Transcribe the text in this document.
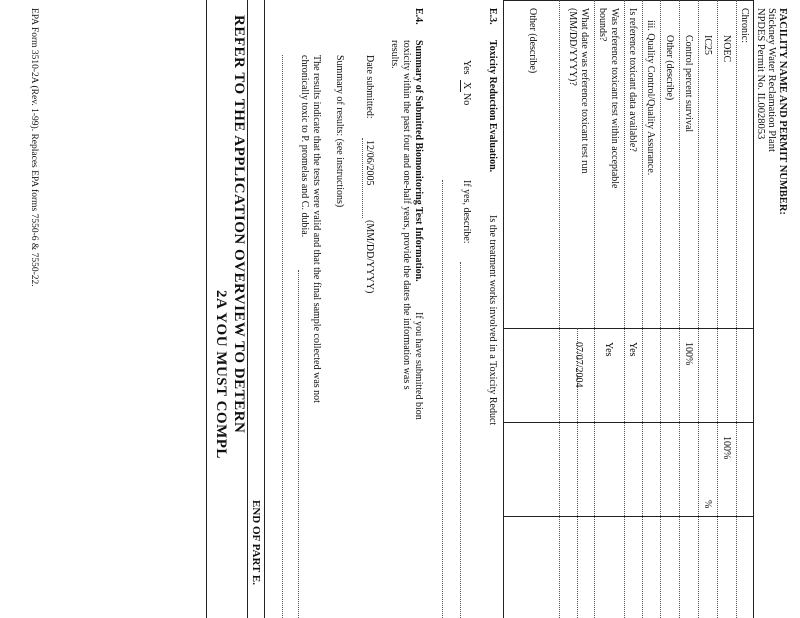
FACILITY NAME AND PERMIT NUMBER:
Stickney Water Reclamation Plant
NPDES Permit No. IL0028053
Chronic:
NOEC
100%
IC25
%
Control percent survival
100%
Other (describe)
iii. Quality Control/Quality Assurance.
Is reference toxicant data available?
Yes
Was reference toxicant test within acceptable bounds?
Yes
What date was reference toxicant test run (MM/DD/YYYY)?
07/07/2004
Other (describe)
E.3.
Toxicity Reduction Evaluation.
Is the treatment works involved in a Toxicity Reduct
Yes
X
No
If yes, describe:
E.4.
Summary of Submitted Biomonitoring Test Information.
If you have submitted bion
toxicity within the past four and one-half years, provide the dates the information was s
results.
Date submitted:
12/06/2005
(MM/DD/YYYY)
Summary of results: (see instructions)
The results indicate that the tests were valid and that the final sample collected was not
chronically toxic to P. promelas and C. dubia.
END OF PART E.
REFER TO THE APPLICATION OVERVIEW TO DETERN
2A YOU MUST COMPL
EPA Form 3510-2A (Rev. 1-99). Replaces EPA forms 7550-6 & 7550-22.
